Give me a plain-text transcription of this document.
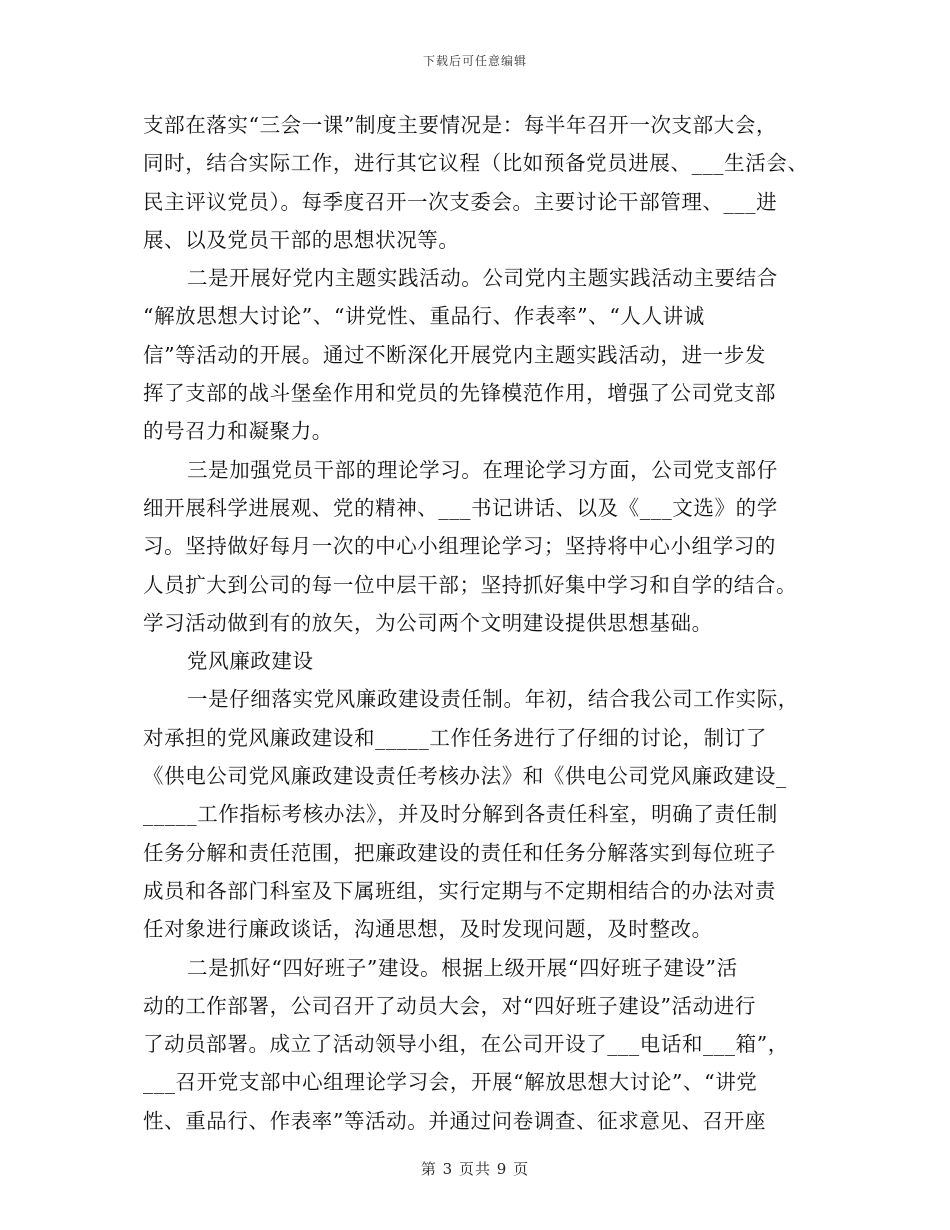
下载后可任意编辑
支部在落实“三会一课”制度主要情况是：每半年召开一次支部大会，
同时，结合实际工作，进行其它议程（比如预备党员进展、___生活会、
民主评议党员）。每季度召开一次支委会。主要讨论干部管理、___进
展、以及党员干部的思想状况等。
二是开展好党内主题实践活动。公司党内主题实践活动主要结合
“解放思想大讨论”、“讲党性、重品行、作表率”、“人人讲诚
信”等活动的开展。通过不断深化开展党内主题实践活动，进一步发
挥了支部的战斗堡垒作用和党员的先锋模范作用，增强了公司党支部
的号召力和凝聚力。
三是加强党员干部的理论学习。在理论学习方面，公司党支部仔
细开展科学进展观、党的精神、___书记讲话、以及《___文选》的学
习。坚持做好每月一次的中心小组理论学习；坚持将中心小组学习的
人员扩大到公司的每一位中层干部；坚持抓好集中学习和自学的结合。
学习活动做到有的放矢，为公司两个文明建设提供思想基础。
党风廉政建设
一是仔细落实党风廉政建设责任制。年初，结合我公司工作实际，
对承担的党风廉政建设和_____工作任务进行了仔细的讨论，制订了
《供电公司党风廉政建设责任考核办法》和《供电公司党风廉政建设_
_____工作指标考核办法》，并及时分解到各责任科室，明确了责任制
任务分解和责任范围，把廉政建设的责任和任务分解落实到每位班子
成员和各部门科室及下属班组，实行定期与不定期相结合的办法对责
任对象进行廉政谈话，沟通思想，及时发现问题，及时整改。
二是抓好“四好班子”建设。根据上级开展“四好班子建设”活
动的工作部署，公司召开了动员大会，对“四好班子建设”活动进行
了动员部署。成立了活动领导小组，在公司开设了___电话和___箱”，
___召开党支部中心组理论学习会，开展“解放思想大讨论”、“讲党
性、重品行、作表率”等活动。并通过问卷调查、征求意见、召开座
第 3 页共 9 页
